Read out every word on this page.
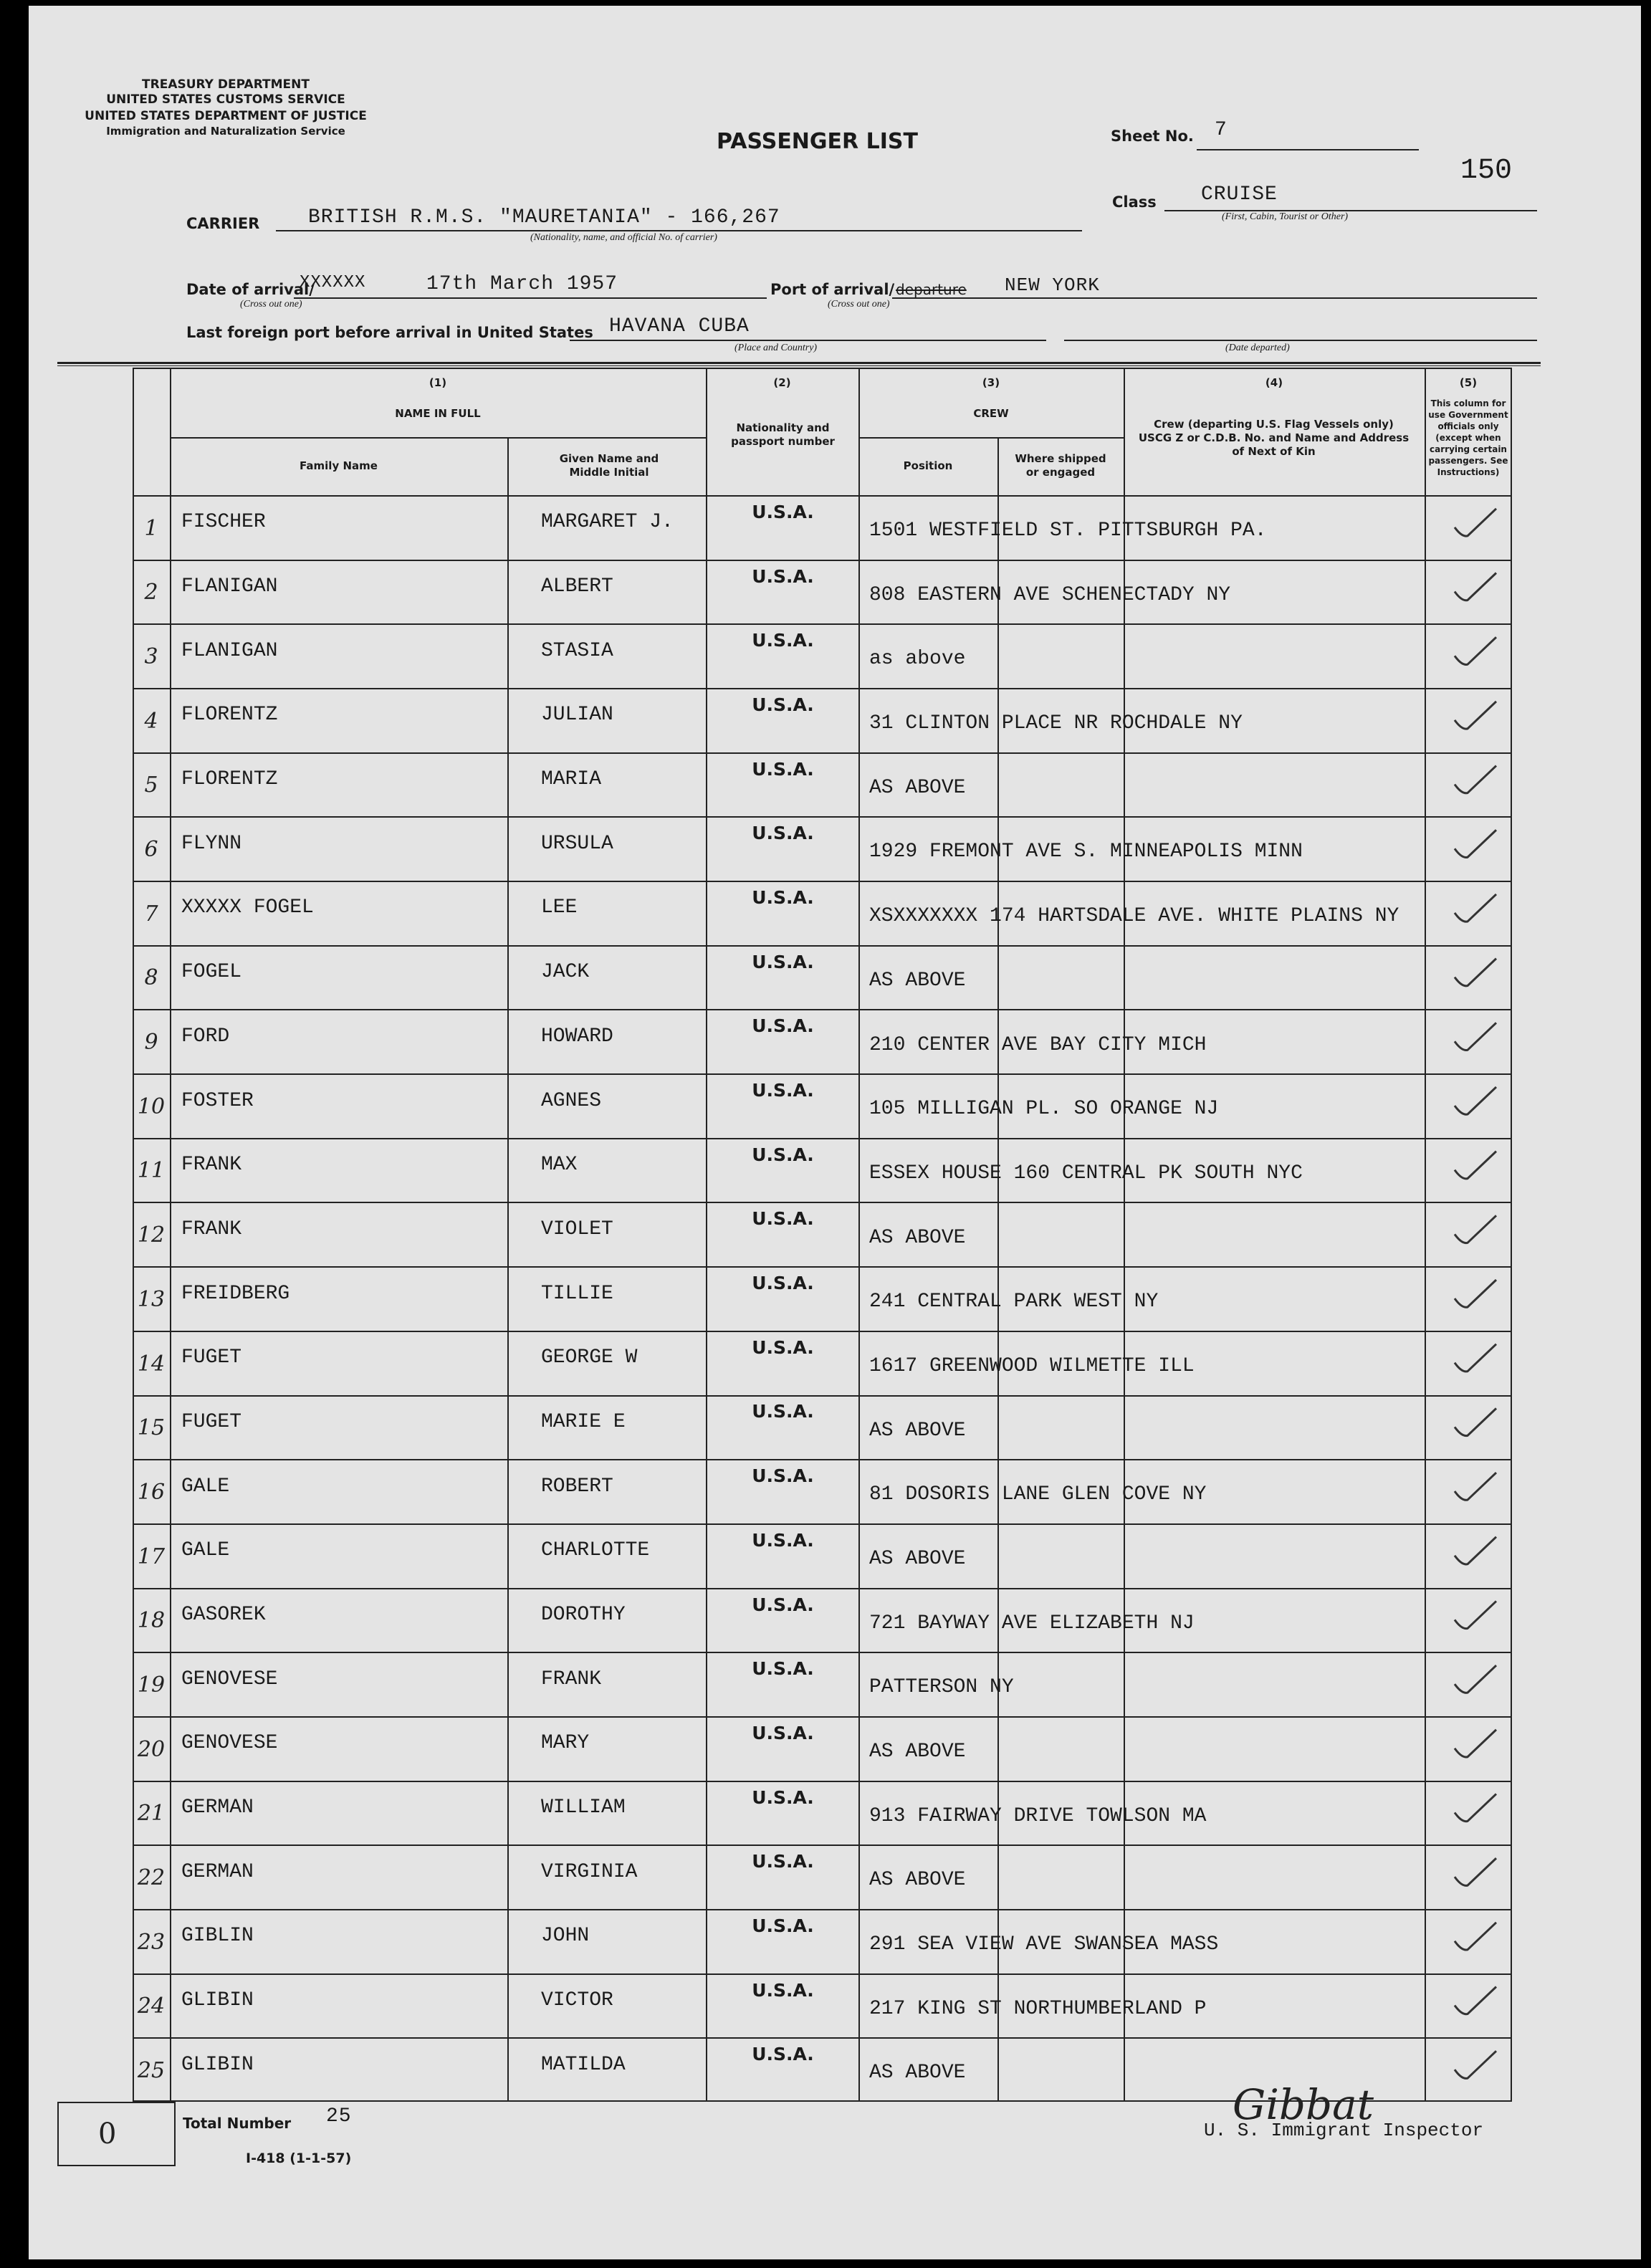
TREASURY DEPARTMENT
UNITED STATES CUSTOMS SERVICE
UNITED STATES DEPARTMENT OF JUSTICE
Immigration and Naturalization Service	PASSENGER LIST	Sheet No. 7
150
Class CRUISE
(First, Cabin, Tourist or Other)
CARRIER BRITISH R.M.S. "MAURETANIA" - 166,267
(Nationality, name, and official No. of carrier)
Date of arrival/
XXXXXX	17th March 1957
(Cross out one)
Port of arrival/ departure NEW YORK
(Cross out one)
Last foreign port before arrival in United States HAVANA CUBA
(Place and Country)	(Date departed)
(1)
NAME IN FULL
Family Name
Given Name and Middle Initial
(2)
Nationality and passport number
(3)
CREW
Position
Where shipped or engaged
(4)
Crew (departing U.S. Flag Vessels only) USCG Z or C.D.B. No. and Name and Address of Next of Kin
(5)
This column for use Government officials only (except when carrying certain passengers. See Instructions)
1	FISCHER	MARGARET J.	U.S.A.
1501 WESTFIELD ST. PITTSBURGH PA.
2	FLANIGAN	ALBERT	U.S.A.
808 EASTERN AVE SCHENECTADY NY
3	FLANIGAN	STASIA	U.S.A.
as above
4	FLORENTZ	JULIAN	U.S.A.
31 CLINTON PLACE NR ROCHDALE NY
5	FLORENTZ	MARIA	U.S.A.
AS ABOVE
6	FLYNN	URSULA	U.S.A.
1929 FREMONT AVE S. MINNEAPOLIS MINN
7	XXXXX FOGEL	LEE	U.S.A.
XSXXXXXXX 174 HARTSDALE AVE. WHITE PLAINS NY
8	FOGEL	JACK	U.S.A.
AS ABOVE
9	FORD	HOWARD	U.S.A.
210 CENTER AVE BAY CITY MICH
10 FOSTER	AGNES	U.S.A.
105 MILLIGAN PL. SO ORANGE NJ
11 FRANK	MAX	U.S.A.
ESSEX HOUSE 160 CENTRAL PK SOUTH NYC
12 FRANK	VIOLET	U.S.A.
AS ABOVE
13 FREIDBERG	TILLIE	U.S.A.
241 CENTRAL PARK WEST NY
14 FUGET	GEORGE W	U.S.A.
1617 GREENWOOD WILMETTE ILL
15 FUGET	MARIE E	U.S.A.
AS ABOVE
16 GALE	ROBERT	U.S.A.
81 DOSORIS LANE GLEN COVE NY
17 GALE	CHARLOTTE	U.S.A.
AS ABOVE
18 GASOREK	DOROTHY	U.S.A.
721 BAYWAY AVE ELIZABETH NJ
19 GENOVESE	FRANK	U.S.A.
PATTERSON NY
20 GENOVESE	MARY	U.S.A.
AS ABOVE
21 GERMAN	WILLIAM	U.S.A.
913 FAIRWAY DRIVE TOWLSON MA
22 GERMAN	VIRGINIA	U.S.A.
AS ABOVE
23 GIBLIN	JOHN	U.S.A.
291 SEA VIEW AVE SWANSEA MASS
24 GLIBIN	VICTOR	U.S.A.
217 KING ST NORTHUMBERLAND P
25 GLIBIN	MATILDA	U.S.A.
AS ABOVE
0	Total Number 25
I-418 (1-1-57)
U. S. Immigrant Inspector
Gibbat
